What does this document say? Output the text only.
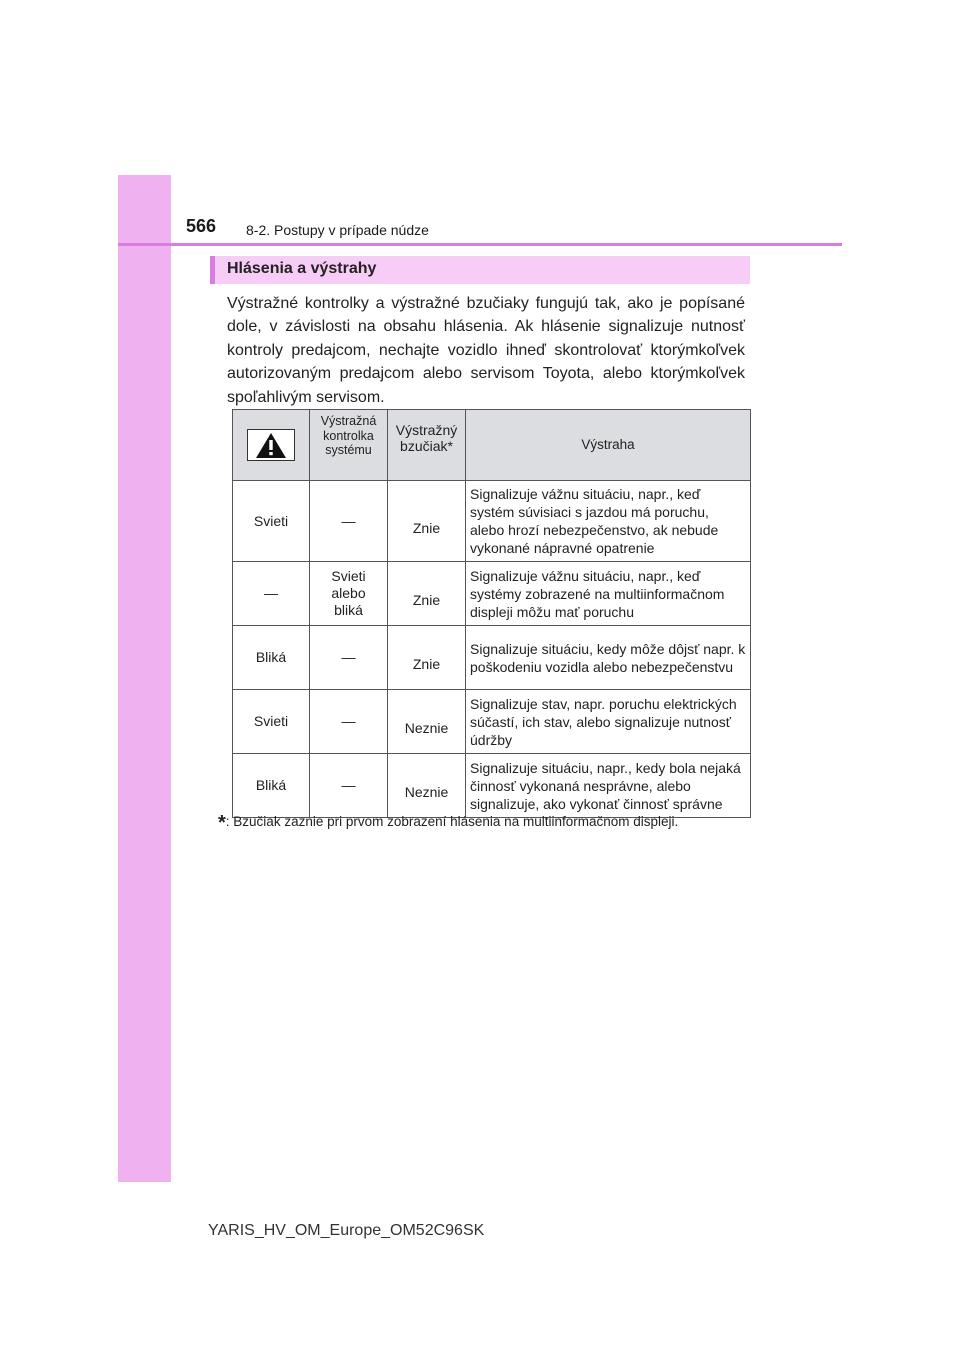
566 8-2. Postupy v prípade núdze
Hlásenia a výstrahy

Výstražné kontrolky a výstražné bzučiaky fungujú tak, ako je popísané dole, v závislosti na obsahu hlásenia. Ak hlásenie signalizuje nutnosť kontroly predajcom, nechajte vozidlo ihneď skontrolovať ktorýmkoľvek autorizovaným predajcom alebo servisom Toyota, alebo ktorýmkoľvek spoľahlivým servisom.

	Výstražná kontrolka systému	Výstražný bzučiak*	Výstraha
Svieti	—	Znie	Signalizuje vážnu situáciu, napr., keď systém súvisiaci s jazdou má poruchu, alebo hrozí nebezpečenstvo, ak nebude vykonané nápravné opatrenie
—	Svieti alebo bliká	Znie	Signalizuje vážnu situáciu, napr., keď systémy zobrazené na multiinformačnom displeji môžu mať poruchu
Bliká	—	Znie	Signalizuje situáciu, kedy môže dôjsť napr. k poškodeniu vozidla alebo nebezpečenstvu
Svieti	—	Neznie	Signalizuje stav, napr. poruchu elektrických súčastí, ich stav, alebo signalizuje nutnosť údržby
Bliká	—	Neznie	Signalizuje situáciu, napr., kedy bola nejaká činnosť vykonaná nesprávne, alebo signalizuje, ako vykonať činnosť správne
*: Bzučiak zaznie pri prvom zobrazení hlásenia na multiinformačnom displeji.
YARIS_HV_OM_Europe_OM52C96SK
